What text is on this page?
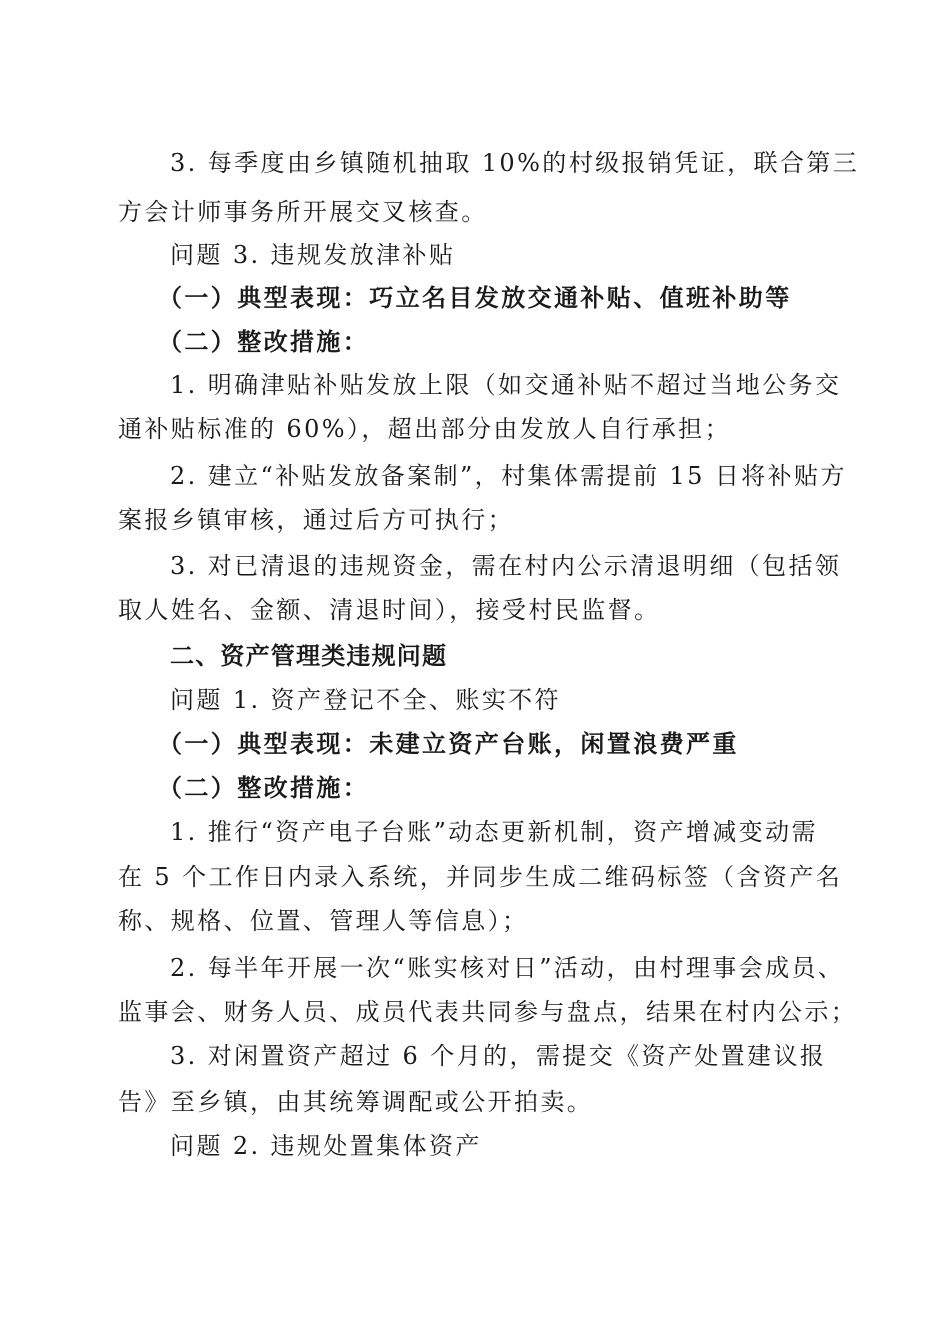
3. 每季度由乡镇随机抽取 10%的村级报销凭证，联合第三
方会计师事务所开展交叉核查。
问题 3. 违规发放津补贴
（一）典型表现：巧立名目发放交通补贴、值班补助等
（二）整改措施：
1. 明确津贴补贴发放上限（如交通补贴不超过当地公务交
通补贴标准的 60%），超出部分由发放人自行承担；
2. 建立“补贴发放备案制”，村集体需提前 15 日将补贴方
案报乡镇审核，通过后方可执行；
3. 对已清退的违规资金，需在村内公示清退明细（包括领
取人姓名、金额、清退时间），接受村民监督。
二、资产管理类违规问题
问题 1. 资产登记不全、账实不符
（一）典型表现：未建立资产台账，闲置浪费严重
（二）整改措施：
1. 推行“资产电子台账”动态更新机制，资产增减变动需
在 5 个工作日内录入系统，并同步生成二维码标签（含资产名
称、规格、位置、管理人等信息）；
2. 每半年开展一次“账实核对日”活动，由村理事会成员、
监事会、财务人员、成员代表共同参与盘点，结果在村内公示；
3. 对闲置资产超过 6 个月的，需提交《资产处置建议报
告》至乡镇，由其统筹调配或公开拍卖。
问题 2. 违规处置集体资产
